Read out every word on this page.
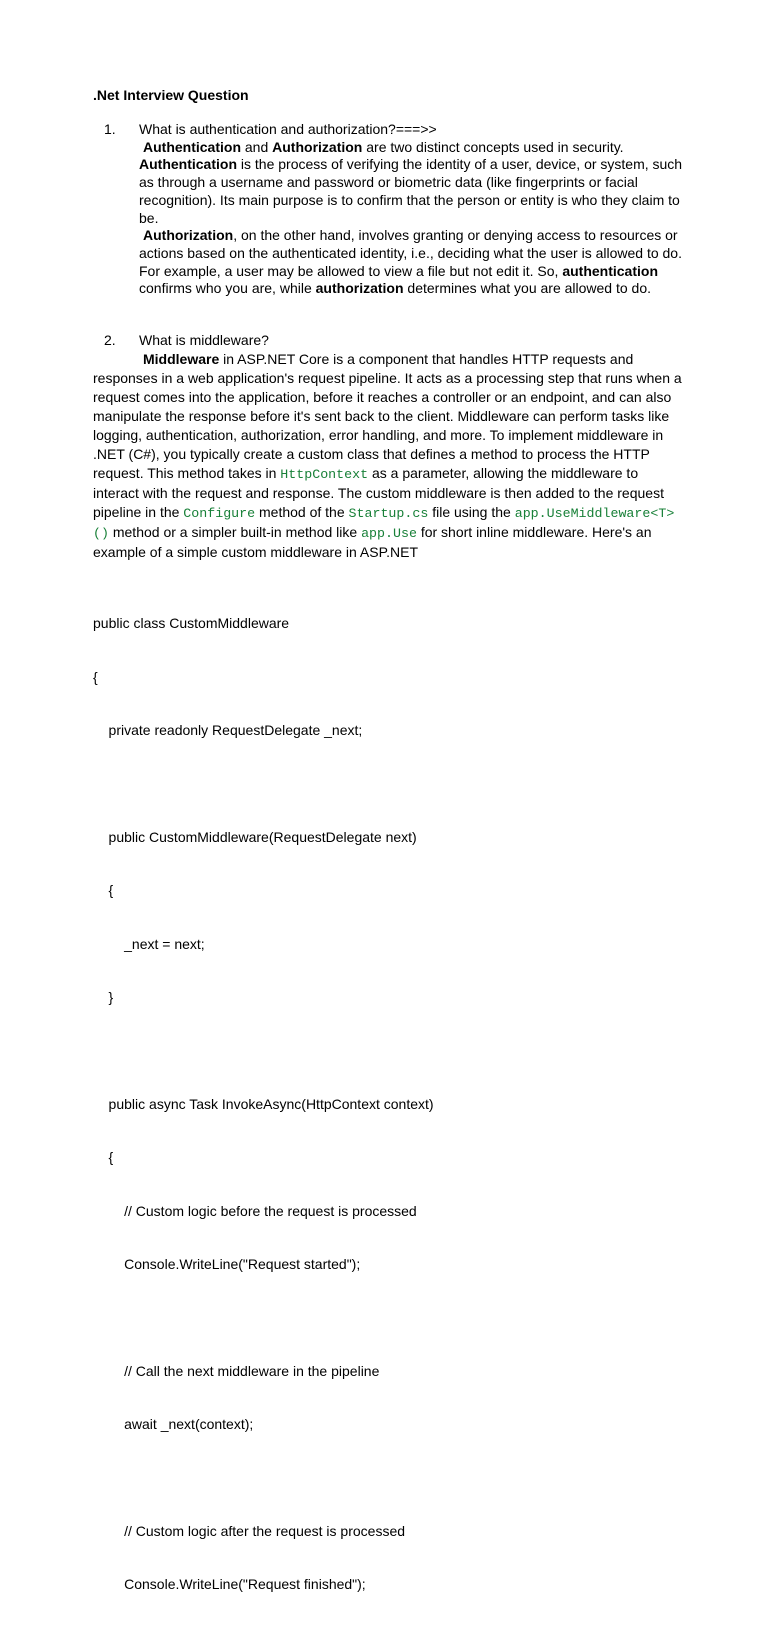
.Net Interview Question
1. What is authentication and authorization?===>>
Authentication and Authorization are two distinct concepts used in security.
Authentication is the process of verifying the identity of a user, device, or system, such as through a username and password or biometric data (like fingerprints or facial recognition). Its main purpose is to confirm that the person or entity is who they claim to be.
Authorization, on the other hand, involves granting or denying access to resources or actions based on the authenticated identity, i.e., deciding what the user is allowed to do. For example, a user may be allowed to view a file but not edit it. So, authentication confirms who you are, while authorization determines what you are allowed to do.
2. What is middleware?
Middleware in ASP.NET Core is a component that handles HTTP requests and responses in a web application's request pipeline. It acts as a processing step that runs when a request comes into the application, before it reaches a controller or an endpoint, and can also manipulate the response before it's sent back to the client. Middleware can perform tasks like logging, authentication, authorization, error handling, and more. To implement middleware in .NET (C#), you typically create a custom class that defines a method to process the HTTP request. This method takes in HttpContext as a parameter, allowing the middleware to interact with the request and response. The custom middleware is then added to the request pipeline in the Configure method of the Startup.cs file using the app.UseMiddleware<T>() method or a simpler built-in method like app.Use for short inline middleware. Here's an example of a simple custom middleware in ASP.NET

public class CustomMiddleware

{

private readonly RequestDelegate _next;

public CustomMiddleware(RequestDelegate next)

{

_next = next;

}

public async Task InvokeAsync(HttpContext context)

{

// Custom logic before the request is processed

Console.WriteLine("Request started");

// Call the next middleware in the pipeline

await _next(context);

// Custom logic after the request is processed

Console.WriteLine("Request finished");
